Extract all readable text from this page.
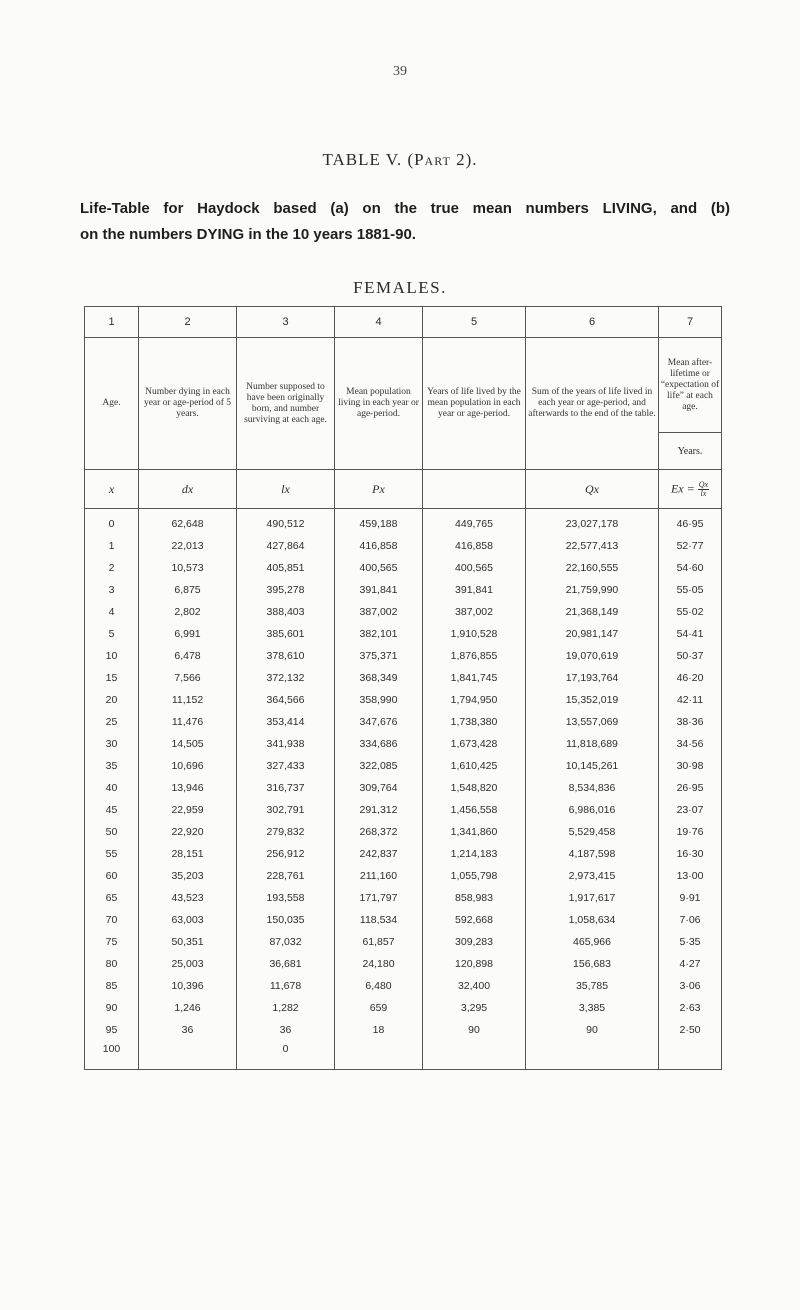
39
TABLE V. (Part 2).
Life-Table for Haydock based (a) on the true mean numbers LIVING, and (b)
on the numbers DYING in the 10 years 1881-90.
FEMALES.
1	2	3	4	5	6	7
Age.	Number dying in each year or age-period of 5 years.	Number supposed to have been originally born, and number surviving at each age.	Mean population living in each year or age-period.	Years of life lived by the mean population in each year or age-period.	Sum of the years of life lived in each year or age-period, and afterwards to the end of the table.	Mean after-lifetime or “expectation of life” at each age.
						Years.
x	dx	lx	Px		Qx	$Ex = \frac{Qx}{lx}$

0	62,648	490,512	459,188	449,765	23,027,178	46·95
1	22,013	427,864	416,858	416,858	22,577,413	52·77
2	10,573	405,851	400,565	400,565	22,160,555	54·60
3	6,875	395,278	391,841	391,841	21,759,990	55·05
4	2,802	388,403	387,002	387,002	21,368,149	55·02
5	6,991	385,601	382,101	1,910,528	20,981,147	54·41
10	6,478	378,610	375,371	1,876,855	19,070,619	50·37
15	7,566	372,132	368,349	1,841,745	17,193,764	46·20
20	11,152	364,566	358,990	1,794,950	15,352,019	42·11
25	11,476	353,414	347,676	1,738,380	13,557,069	38·36
30	14,505	341,938	334,686	1,673,428	11,818,689	34·56
35	10,696	327,433	322,085	1,610,425	10,145,261	30·98
40	13,946	316,737	309,764	1,548,820	8,534,836	26·95
45	22,959	302,791	291,312	1,456,558	6,986,016	23·07
50	22,920	279,832	268,372	1,341,860	5,529,458	19·76
55	28,151	256,912	242,837	1,214,183	4,187,598	16·30
60	35,203	228,761	211,160	1,055,798	2,973,415	13·00
65	43,523	193,558	171,797	858,983	1,917,617	9·91
70	63,003	150,035	118,534	592,668	1,058,634	7·06
75	50,351	87,032	61,857	309,283	465,966	5·35
80	25,003	36,681	24,180	120,898	156,683	4·27
85	10,396	11,678	6,480	32,400	35,785	3·06
90	1,246	1,282	659	3,295	3,385	2·63
95	36	36	18	90	90	2·50
100		0				
